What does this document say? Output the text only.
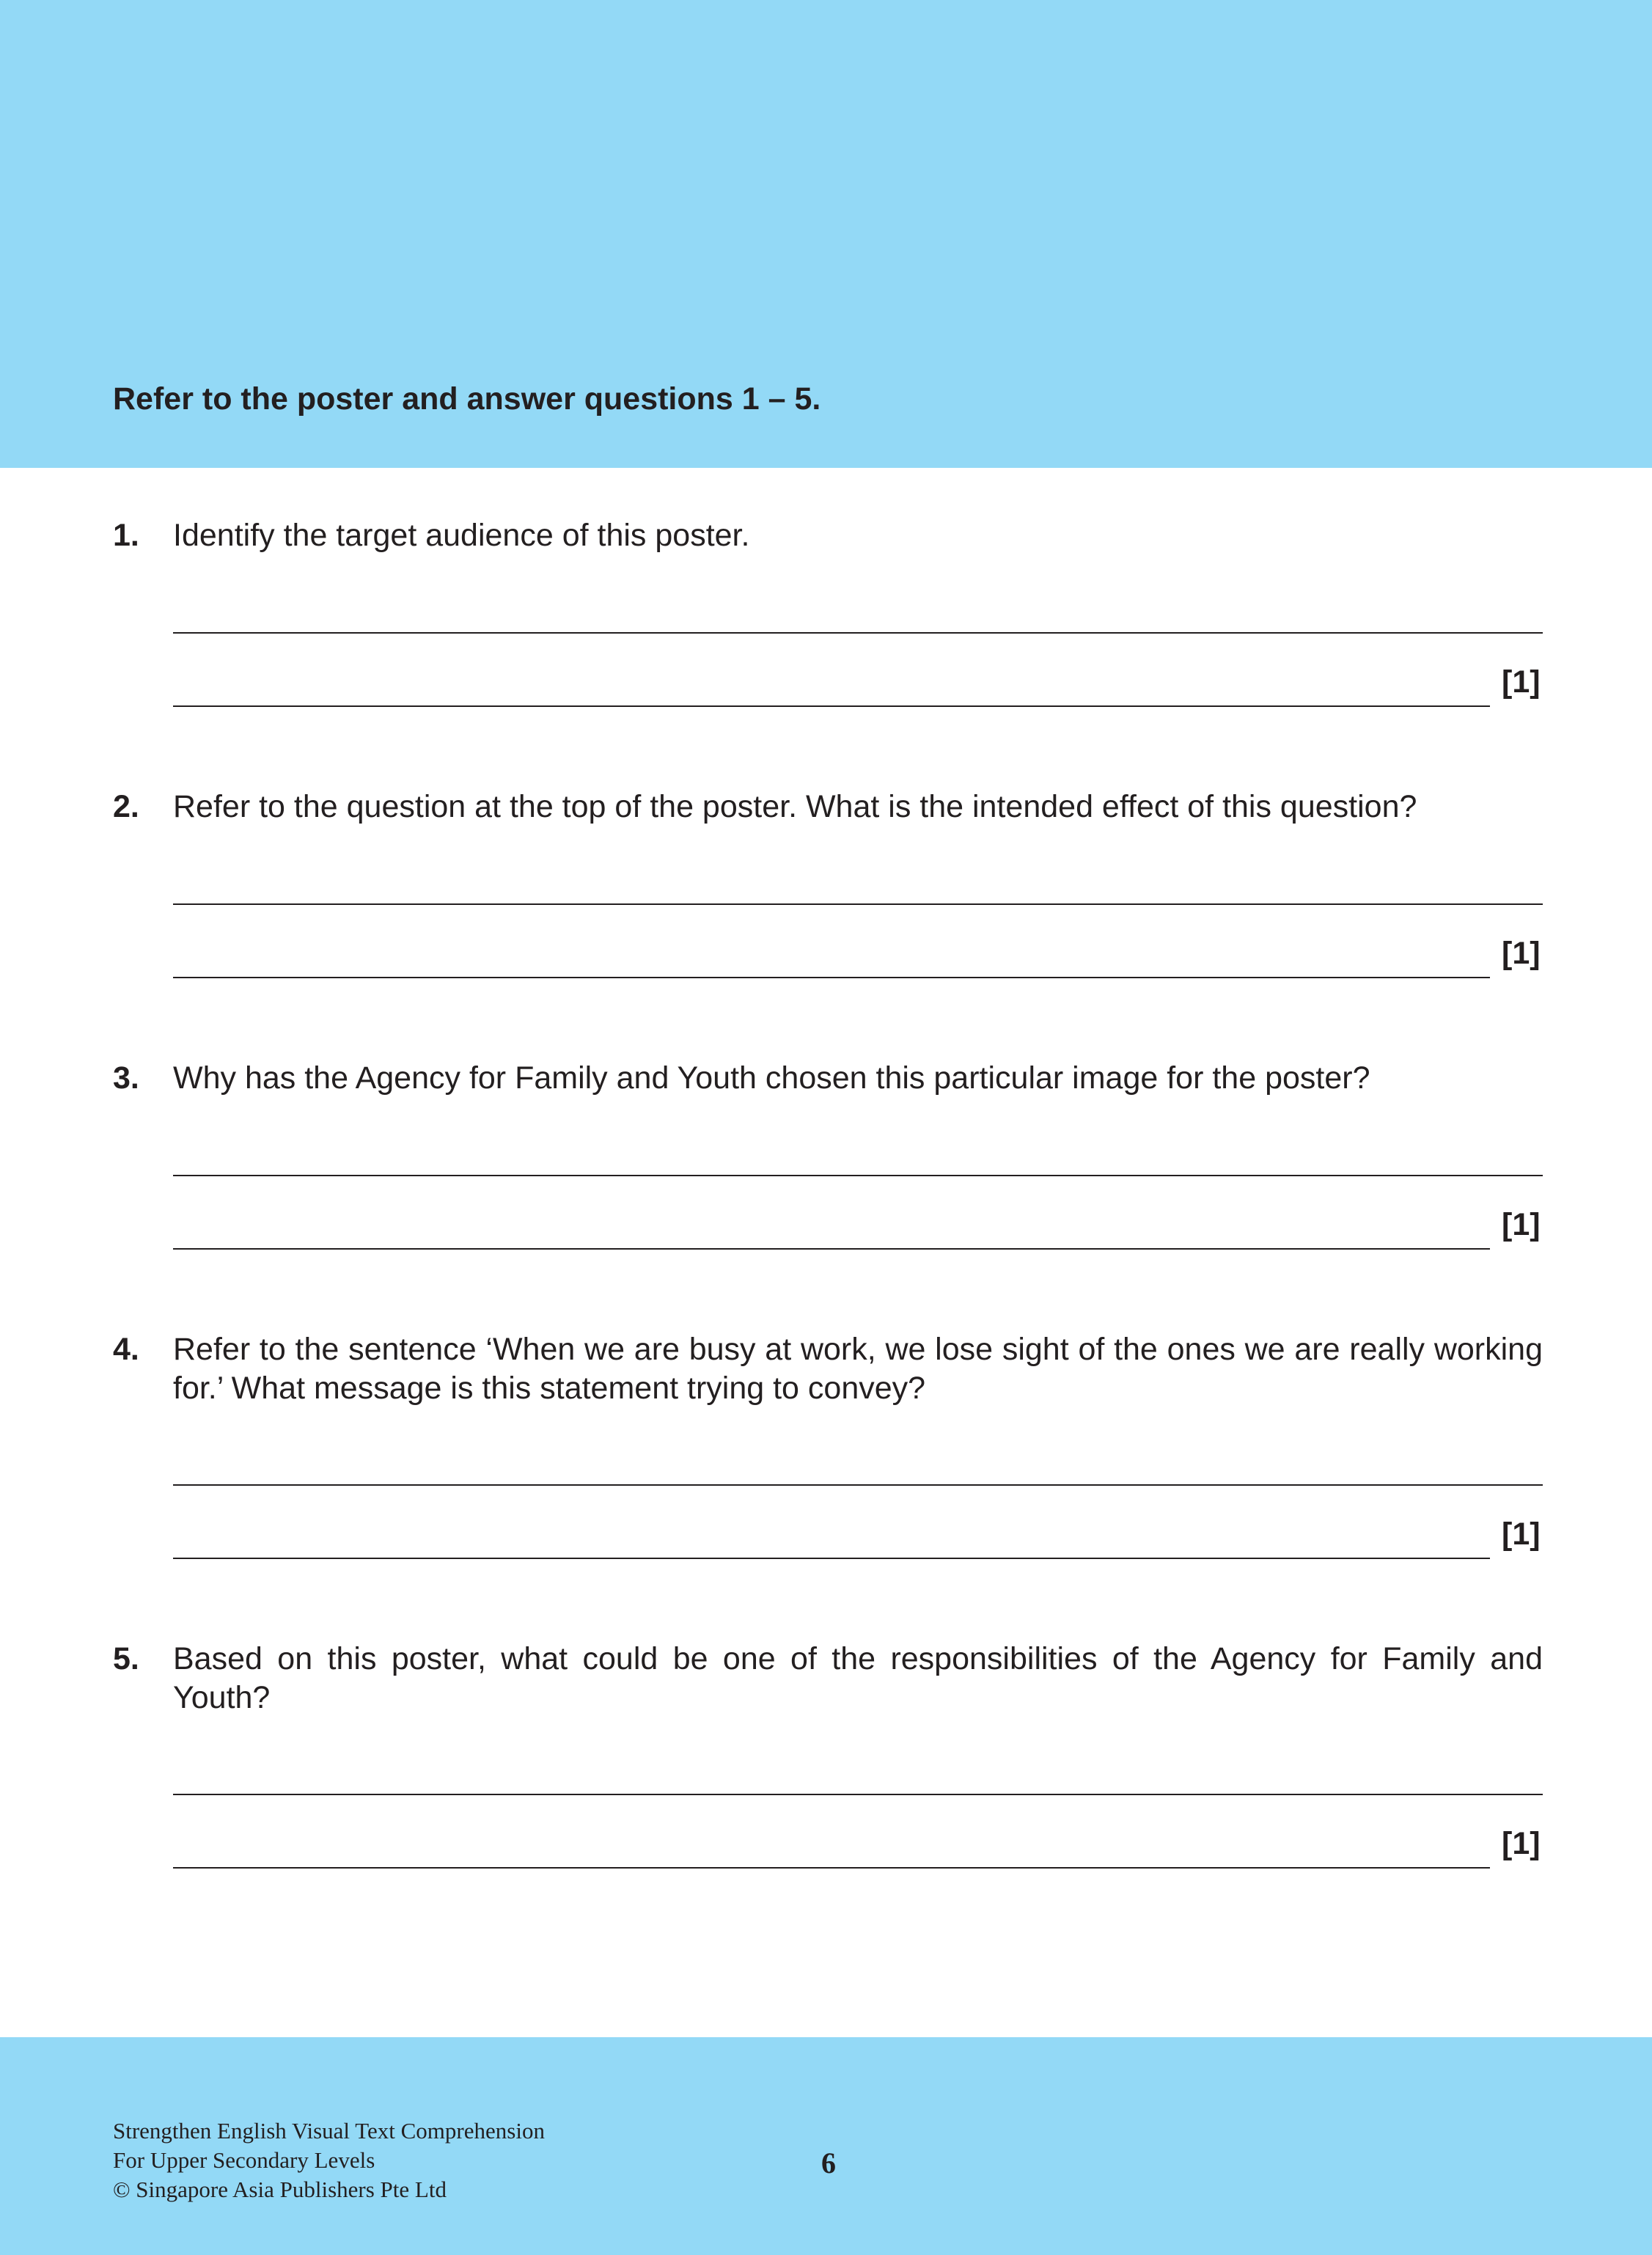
Refer to the poster and answer questions 1 – 5.
1. Identify the target audience of this poster.
[1]
2. Refer to the question at the top of the poster. What is the intended effect of this question?
[1]
3. Why has the Agency for Family and Youth chosen this particular image for the poster?
[1]
4. Refer to the sentence ‘When we are busy at work, we lose sight of the ones we are really working for.’ What message is this statement trying to convey?
[1]
5. Based on this poster, what could be one of the responsibilities of the Agency for Family and Youth?
[1]
Strengthen English Visual Text Comprehension
For Upper Secondary Levels
© Singapore Asia Publishers Pte Ltd
6
